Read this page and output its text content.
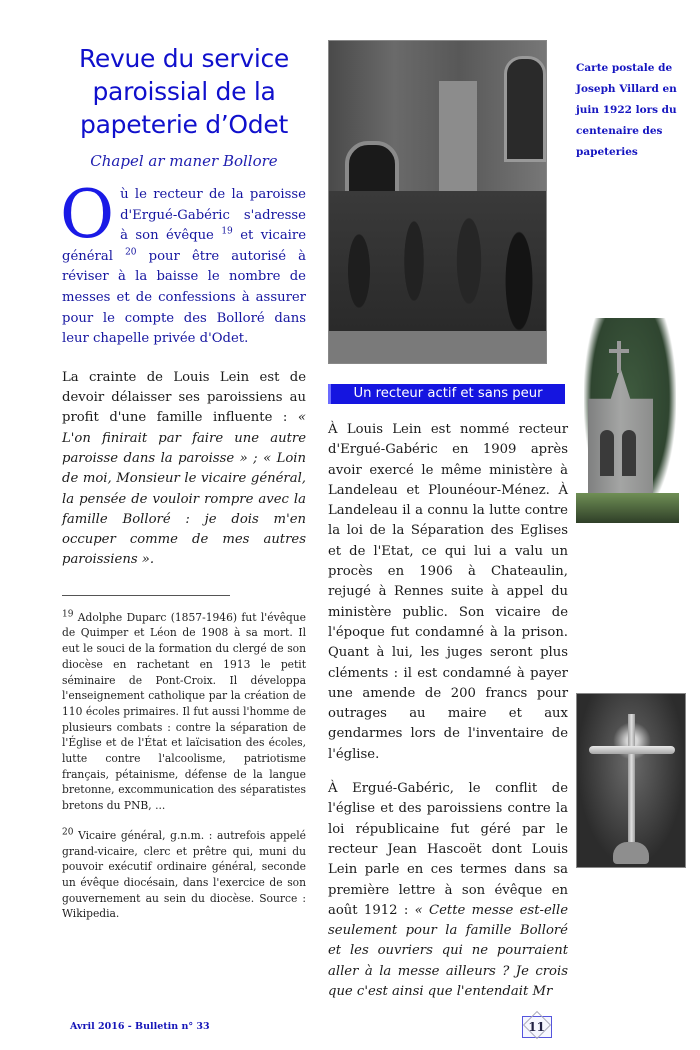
Revue du service paroissial de la papeterie d’Odet
Chapel ar maner Bollore
Où le recteur de la paroisse d'Ergué-Gabéric s'adresse à son évêque $^{19}$ et vicaire général $^{20}$ pour être autorisé à réviser à la baisse le nombre de messes et de confessions à assurer pour le compte des Bolloré dans leur chapelle privée d'Odet.
La crainte de Louis Lein est de devoir délaisser ses paroissiens au profit d'une famille influente : « L'on finirait par faire une autre paroisse dans la paroisse » ; « Loin de moi, Monsieur le vicaire général, la pensée de vouloir rompre avec la famille Bolloré : je dois m'en occuper comme de mes autres paroissiens ».
$^{19}$ Adolphe Duparc (1857-1946) fut l'évêque de Quimper et Léon de 1908 à sa mort. Il eut le souci de la formation du clergé de son diocèse en rachetant en 1913 le petit séminaire de Pont-Croix. Il développa l'enseignement catholique par la création de 110 écoles primaires. Il fut aussi l'homme de plusieurs combats : contre la séparation de l'Église et de l'État et laïcisation des écoles, lutte contre l'alcoolisme, patriotisme français, pétainisme, défense de la langue bretonne, excommunication des séparatistes bretons du PNB, ...
$^{20}$ Vicaire général, g.n.m. : autrefois appelé grand-vicaire, clerc et prêtre qui, muni du pouvoir exécutif ordinaire général, seconde un évêque diocésain, dans l'exercice de son gouvernement au sein du diocèse. Source : Wikipedia.
Un recteur actif et sans peur
À Louis Lein est nommé recteur d'Ergué-Gabéric en 1909 après avoir exercé le même ministère à Landeleau et Plounéour-Ménez. À Landeleau il a connu la lutte contre la loi de la Séparation des Eglises et de l'Etat, ce qui lui a valu un procès en 1906 à Chateaulin, rejugé à Rennes suite à appel du ministère public. Son vicaire de l'époque fut condamné à la prison. Quant à lui, les juges seront plus cléments : il est condamné à payer une amende de 200 francs pour outrages au maire et aux gendarmes lors de l'inventaire de l'église.
À Ergué-Gabéric, le conflit de l'église et des paroissiens contre la loi républicaine fut géré par le recteur Jean Hascoët dont Louis Lein parle en ces termes dans sa première lettre à son évêque en août 1912 : « Cette messe est-elle seulement pour la famille Bolloré et les ouvriers qui ne pourraient aller à la messe ailleurs ? Je crois que c'est ainsi que l'entendait Mr
Carte postale de Joseph Villard en juin 1922 lors du centenaire des papeteries
Avril 2016 - Bulletin n° 33	11
